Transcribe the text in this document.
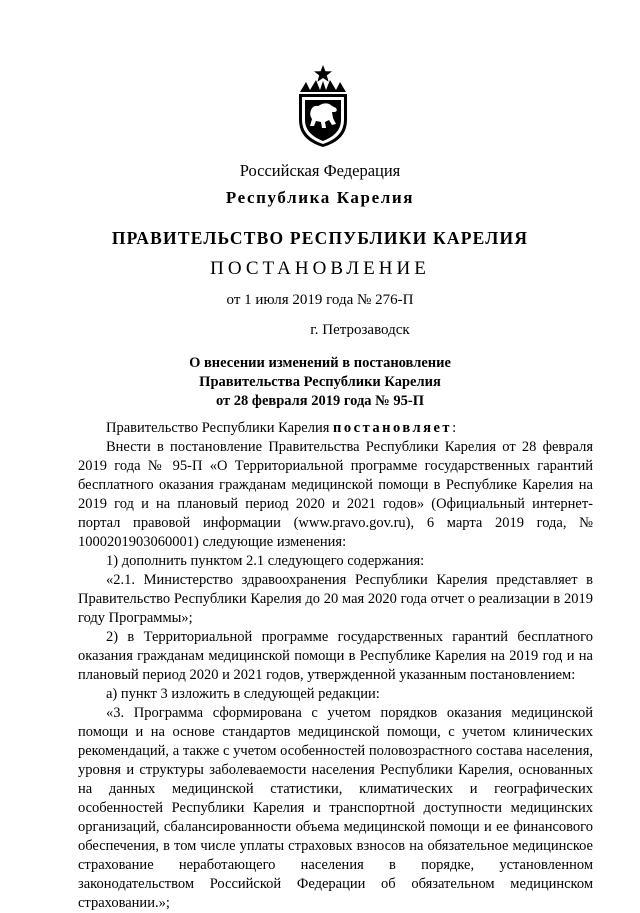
Российская Федерация
Республика Карелия
ПРАВИТЕЛЬСТВО РЕСПУБЛИКИ КАРЕЛИЯ
ПОСТАНОВЛЕНИЕ
от 1 июля 2019 года № 276-П
г. Петрозаводск
О внесении изменений в постановление
Правительства Республики Карелия
от 28 февраля 2019 года № 95-П

Правительство Республики Карелия постановляет:

Внести в постановление Правительства Республики Карелия от 28 февраля 2019 года № 95-П «О Территориальной программе государственных гарантий бесплатного оказания гражданам медицинской помощи в Республике Карелия на 2019 год и на плановый период 2020 и 2021 годов» (Официальный интернет-портал правовой информации (www.pravo.gov.ru), 6 марта 2019 года, № 1000201903060001) следующие изменения:

1) дополнить пунктом 2.1 следующего содержания:

«2.1. Министерство здравоохранения Республики Карелия представляет в Правительство Республики Карелия до 20 мая 2020 года отчет о реализации в 2019 году Программы»;

2) в Территориальной программе государственных гарантий бесплатного оказания гражданам медицинской помощи в Республике Карелия на 2019 год и на плановый период 2020 и 2021 годов, утвержденной указанным постановлением:

а) пункт 3 изложить в следующей редакции:

«3. Программа сформирована с учетом порядков оказания медицинской помощи и на основе стандартов медицинской помощи, с учетом клинических рекомендаций, а также с учетом особенностей половозрастного состава населения, уровня и структуры заболеваемости населения Республики Карелия, основанных на данных медицинской статистики, климатических и географических особенностей Республики Карелия и транспортной доступности медицинских организаций, сбалансированности объема медицинской помощи и ее финансового обеспечения, в том числе уплаты страховых взносов на обязательное медицинское страхование неработающего населения в порядке, установленном законодательством Российской Федерации об обязательном медицинском страховании.»;
